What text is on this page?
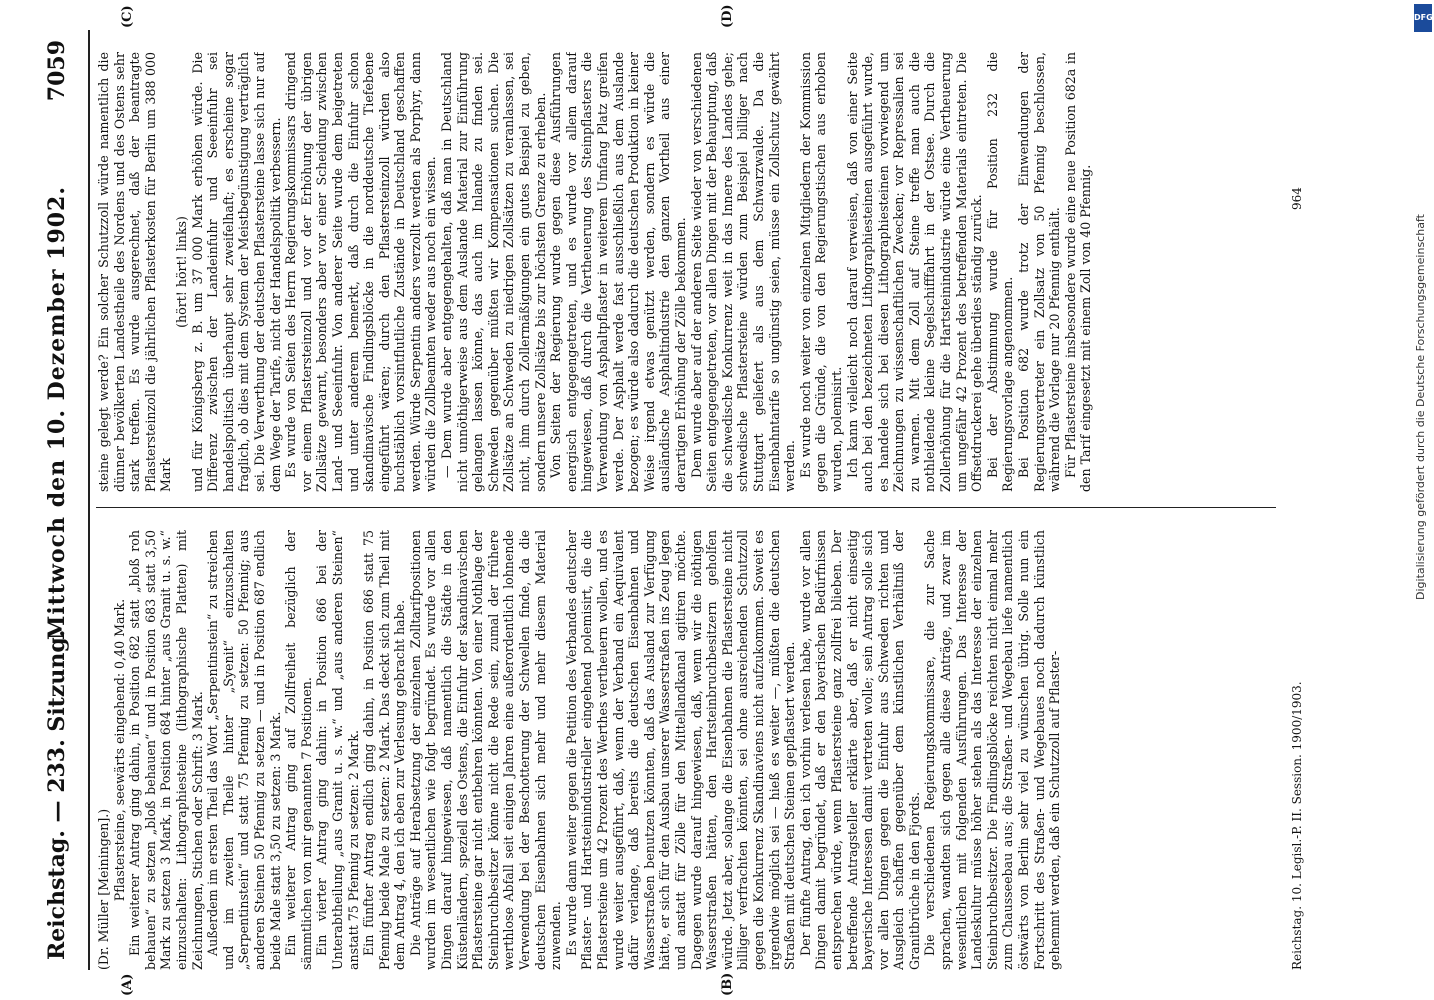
Reichstag. — 233. Sitzung.
Mittwoch den 10. Dezember 1902.
7059

(Dr. Müller [Meiningen].) Pflastersteine, seewärts eingehend: 0,40 Mark. Ein weiterer Antrag ging dahin, in Position 682 statt „bloß roh behauen“ zu setzen „bloß behauen“ und in Position 683 statt 3,50 Mark zu setzen 3 Mark, in Position 684 hinter „aus Granit u. s. w.“ einzuschalten: Lithographiesteine (lithographische Platten) mit Zeichnungen, Stichen oder Schrift: 3 Mark. Außerdem im ersten Theil das Wort „Serpentinstein“ zu streichen und im zweiten Theile hinter „Syenit“ einzuschalten „Serpentinstein“ und statt 75 Pfennig zu setzen: 50 Pfennig; aus anderen Steinen 50 Pfennig zu setzen — und in Position 687 endlich beide Male statt 3,50 zu setzen: 3 Mark. Ein weiterer Antrag ging auf Zollfreiheit bezüglich der sämmtlichen von mir genannten 7 Positionen. Ein vierter Antrag ging dahin: in Position 686 bei der Unterabtheilung „aus Granit u. s. w.“ und „aus anderen Steinen“ anstatt 75 Pfennig zu setzen: 2 Mark. Ein fünfter Antrag endlich ging dahin, in Position 686 statt 75 Pfennig beide Male zu setzen: 2 Mark. Das deckt sich zum Theil mit dem Antrag 4, den ich eben zur Verlesung gebracht habe. Die Anträge auf Herabsetzung der einzelnen Zolltarifpositionen wurden im wesentlichen wie folgt begründet. Es wurde vor allen Dingen darauf hingewiesen, daß namentlich die Städte in den Küstenländern, speziell des Ostens, die Einfuhr der skandinavischen Pflastersteine gar nicht entbehren könnten. Von einer Nothlage der Steinbruchbesitzer könne nicht die Rede sein, zumal der frühere werthlose Abfall seit einigen Jahren eine außerordentlich lohnende Verwendung bei der Beschotterung der Schwellen finde, da die deutschen Eisenbahnen sich mehr und mehr diesem Material zuwenden. Es wurde dann weiter gegen die Petition des Verbandes deutscher Pflaster- und Hartsteinindustrieller eingehend polemisirt, die die Pflastersteine um 42 Prozent des Werthes vertheuern wollen, und es wurde weiter ausgeführt, daß, wenn der Verband ein Aequivalent dafür verlange, daß bereits die deutschen Eisenbahnen und Wasserstraßen benutzen könnten, daß das Ausland zur Verfügung hätte, er sich für den Ausbau unserer Wasserstraßen ins Zeug legen und anstatt für Zölle für den Mittellandkanal agitiren möchte. Dagegen wurde darauf hingewiesen, daß, wenn wir die nöthigen Wasserstraßen hätten, den Hartsteinbruchbesitzern geholfen würde. Jetzt aber, solange die Eisenbahnen die Pflastersteine nicht billiger verfrachten könnten, sei ohne ausreichenden Schutzzoll gegen die Konkurrenz Skandinaviens nicht aufzukommen. Soweit es irgendwie möglich sei — hieß es weiter —, müßten die deutschen Straßen mit deutschen Steinen gepflastert werden. Der fünfte Antrag, den ich vorhin verlesen habe, wurde vor allen Dingen damit begründet, daß er den bayerischen Bedürfnissen entsprechen würde, wenn Pflastersteine ganz zollfrei blieben. Der betreffende Antragsteller erklärte aber, daß er nicht einseitig bayerische Interessen damit vertreten wolle; sein Antrag solle sich vor allen Dingen gegen die Einfuhr aus Schweden richten und Ausgleich schaffen gegenüber dem künstlichen Verhältniß der Granitbrüche in den Fjords. Die verschiedenen Regierungskommissare, die zur Sache sprachen, wandten sich gegen alle diese Anträge, und zwar im wesentlichen mit folgenden Ausführungen. Das Interesse der Landeskultur müsse höher stehen als das Interesse der einzelnen Steinbruchbesitzer. Die Findlingsblöcke reichten nicht einmal mehr zum Chausseebau aus; die Straßen- und Wegebau liefe namentlich östwärts von Berlin sehr viel zu wünschen übrig. Solle nun ein Fortschritt des Straßen- und Wegebaues noch dadurch künstlich gehemmt werden, daß ein Schutzzoll auf Pflaster-

steine gelegt werde? Ein solcher Schutzzoll würde namentlich die dünner bevölkerten Landestheile des Nordens und des Ostens sehr stark treffen. Es wurde ausgerechnet, daß der beantragte Pflastersteinzoll die jährlichen Pflasterkosten für Berlin um 388 000 Mark

(hört! hört! links) und für Königsberg z. B. um 37 000 Mark erhöhen würde. Die Differenz zwischen der Landeinfuhr und Seeeinfuhr sei handelspolitisch überhaupt sehr zweifelhaft; es erscheine sogar fraglich, ob dies mit dem System der Meistbegünstigung verträglich sei. Die Verwerthung der deutschen Pflastersteine lasse sich nur auf dem Wege der Tarife, nicht der Handelspolitik verbessern. Es wurde von Seiten des Herrn Regierungskommissars dringend vor einem Pflastersteinzoll und vor der Erhöhung der übrigen Zollsätze gewarnt, besonders aber vor einer Scheidung zwischen Land- und Seeeinfuhr. Von anderer Seite wurde dem beigetreten und unter anderem bemerkt, daß durch die Einfuhr schon skandinavische Findlingsblöcke in die norddeutsche Tiefebene eingeführt wären; durch den Pflastersteinzoll würden also buchstäblich vorsintflutliche Zustände in Deutschland geschaffen werden. Würde Serpentin anders verzollt werden als Porphyr, dann würden die Zollbeamten weder aus noch ein wissen. — Dem wurde aber entgegengehalten, daß man in Deutschland nicht unnöthigerweise aus dem Auslande Material zur Einführung gelangen lassen könne, das auch im Inlande zu finden sei. Schweden gegenüber müßten wir Kompensationen suchen. Die Zollsätze an Schweden zu niedrigen Zollsätzen zu veranlassen, sei nicht, ihm durch Zollermäßigungen ein gutes Beispiel zu geben, sondern unsere Zollsätze bis zur höchsten Grenze zu erheben. Von Seiten der Regierung wurde gegen diese Ausführungen energisch entgegengetreten, und es wurde vor allem darauf hingewiesen, daß durch die Vertheuerung des Steinpflasters die Verwendung von Asphaltpflaster in weiterem Umfang Platz greifen werde. Der Asphalt werde fast ausschließlich aus dem Auslande bezogen; es würde also dadurch die deutschen Produktion in keiner Weise irgend etwas genützt werden, sondern es würde die ausländische Asphaltindustrie den ganzen Vortheil aus einer derartigen Erhöhung der Zölle bekommen. Dem wurde aber auf der anderen Seite wieder von verschiedenen Seiten entgegengetreten, vor allen Dingen mit der Behauptung, daß die schwedische Konkurrenz weit in das Innere des Landes gehe; schwedische Pflastersteine würden zum Beispiel billiger nach Stuttgart geliefert als aus dem Schwarzwalde. Da die Eisenbahntarife so ungünstig seien, müsse ein Zollschutz gewährt werden. Es wurde noch weiter von einzelnen Mitgliedern der Kommission gegen die Gründe, die von den Regierungstischen aus erhoben wurden, polemisirt. Ich kann vielleicht noch darauf verweisen, daß von einer Seite auch bei den bezeichneten Lithographiesteinen ausgeführt wurde, es handele sich bei diesen Lithographiesteinen vorwiegend um Zeichnungen zu wissenschaftlichen Zwecken; vor Repressalien sei zu warnen. Mit dem Zoll auf Steine treffe man auch die nothleidende kleine Segelschifffahrt in der Ostsee. Durch die Zollerhöhung für die Hartsteinindustrie würde eine Vertheuerung um ungefähr 42 Prozent des betreffenden Materials eintreten. Die Offsetdruckerei gehe überdies ständig zurück. Bei der Abstimmung wurde für Position 232 die Regierungsvorlage angenommen. Bei Position 682 wurde trotz der Einwendungen der Regierungsvertreter ein Zollsatz von 50 Pfennig beschlossen, während die Vorlage nur 20 Pfennig enthält. Für Pflastersteine insbesondere wurde eine neue Position 682a in den Tarif eingesetzt mit einem Zoll von 40 Pfennig.

(A)	(B)
(C)	(D)
Reichstag. 10. Legisl.-P. II. Session. 1900/1903.
964
DFG
Digitalisierung gefördert durch die Deutsche Forschungsgemeinschaft
